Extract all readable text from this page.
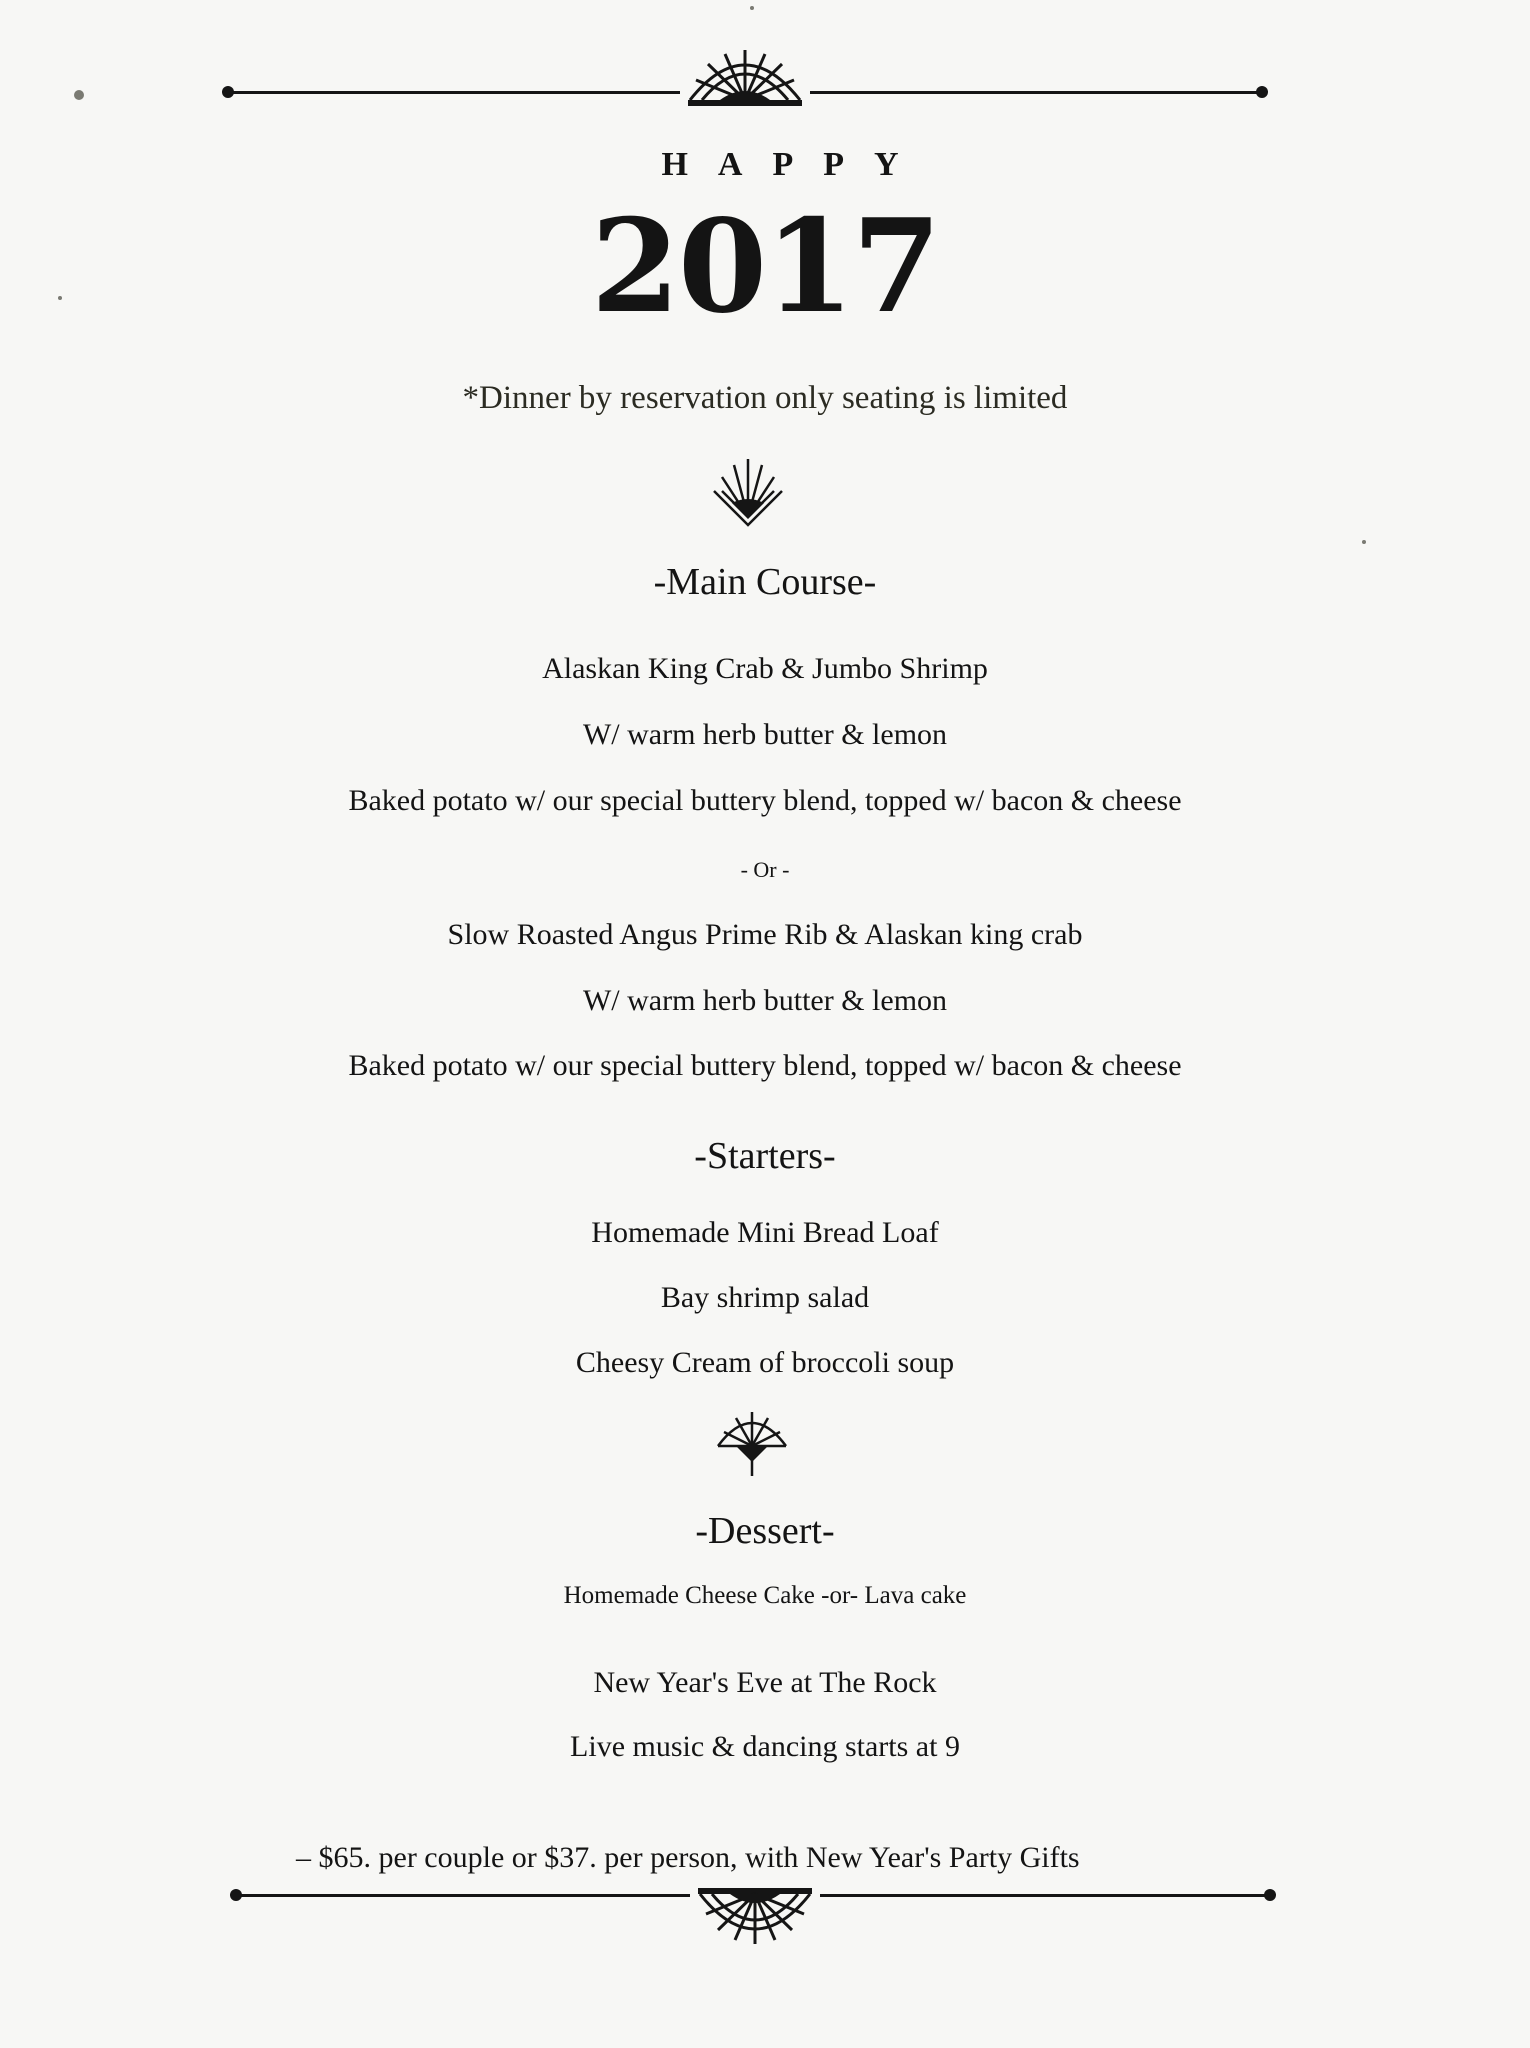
HAPPY
2017
*Dinner by reservation only seating is limited
-Main Course-
Alaskan King Crab & Jumbo Shrimp
W/ warm herb butter & lemon
Baked potato w/ our special buttery blend, topped w/ bacon & cheese
- Or -
Slow Roasted Angus Prime Rib & Alaskan king crab
W/ warm herb butter & lemon
Baked potato w/ our special buttery blend, topped w/ bacon & cheese
-Starters-
Homemade Mini Bread Loaf
Bay shrimp salad
Cheesy Cream of broccoli soup
-Dessert-
Homemade Cheese Cake -or- Lava cake
New Year's Eve at The Rock
Live music & dancing starts at 9
– $65. per couple or $37. per person, with New Year's Party Gifts
